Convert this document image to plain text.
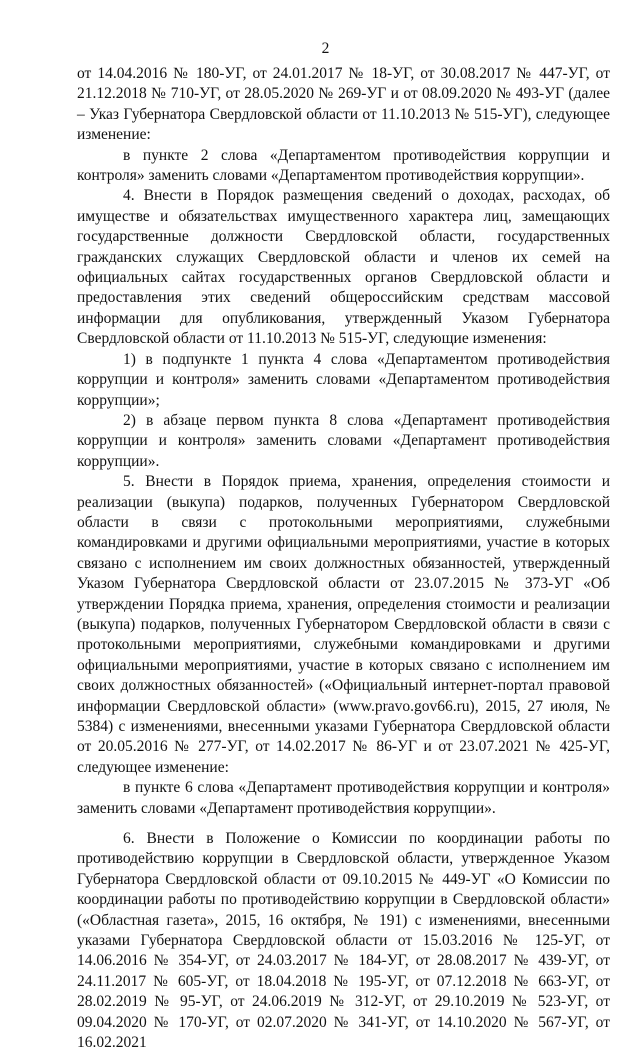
2

от 14.04.2016 № 180-УГ, от 24.01.2017 № 18-УГ, от 30.08.2017 № 447-УГ, от 21.12.2018 № 710-УГ, от 28.05.2020 № 269-УГ и от 08.09.2020 № 493-УГ (далее – Указ Губернатора Свердловской области от 11.10.2013 № 515-УГ), следующее изменение:

в пункте 2 слова «Департаментом противодействия коррупции и контроля» заменить словами «Департаментом противодействия коррупции».

4. Внести в Порядок размещения сведений о доходах, расходах, об имуществе и обязательствах имущественного характера лиц, замещающих государственные должности Свердловской области, государственных гражданских служащих Свердловской области и членов их семей на официальных сайтах государственных органов Свердловской области и предоставления этих сведений общероссийским средствам массовой информации для опубликования, утвержденный Указом Губернатора Свердловской области от 11.10.2013 № 515-УГ, следующие изменения:

1) в подпункте 1 пункта 4 слова «Департаментом противодействия коррупции и контроля» заменить словами «Департаментом противодействия коррупции»;

2) в абзаце первом пункта 8 слова «Департамент противодействия коррупции и контроля» заменить словами «Департамент противодействия коррупции».

5. Внести в Порядок приема, хранения, определения стоимости и реализации (выкупа) подарков, полученных Губернатором Свердловской области в связи с протокольными мероприятиями, служебными командировками и другими официальными мероприятиями, участие в которых связано с исполнением им своих должностных обязанностей, утвержденный Указом Губернатора Свердловской области от 23.07.2015 № 373-УГ «Об утверждении Порядка приема, хранения, определения стоимости и реализации (выкупа) подарков, полученных Губернатором Свердловской области в связи с протокольными мероприятиями, служебными командировками и другими официальными мероприятиями, участие в которых связано с исполнением им своих должностных обязанностей» («Официальный интернет-портал правовой информации Свердловской области» (www.pravo.gov66.ru), 2015, 27 июля, № 5384) с изменениями, внесенными указами Губернатора Свердловской области от 20.05.2016 № 277-УГ, от 14.02.2017 № 86-УГ и от 23.07.2021 № 425-УГ, следующее изменение:

в пункте 6 слова «Департамент противодействия коррупции и контроля» заменить словами «Департамент противодействия коррупции».

6. Внести в Положение о Комиссии по координации работы по противодействию коррупции в Свердловской области, утвержденное Указом Губернатора Свердловской области от 09.10.2015 № 449-УГ «О Комиссии по координации работы по противодействию коррупции в Свердловской области» («Областная газета», 2015, 16 октября, № 191) с изменениями, внесенными указами Губернатора Свердловской области от 15.03.2016 № 125-УГ, от 14.06.2016 № 354-УГ, от 24.03.2017 № 184-УГ, от 28.08.2017 № 439-УГ, от 24.11.2017 № 605-УГ, от 18.04.2018 № 195-УГ, от 07.12.2018 № 663-УГ, от 28.02.2019 № 95-УГ, от 24.06.2019 № 312-УГ, от 29.10.2019 № 523-УГ, от 09.04.2020 № 170-УГ, от 02.07.2020 № 341-УГ, от 14.10.2020 № 567-УГ, от 16.02.2021
